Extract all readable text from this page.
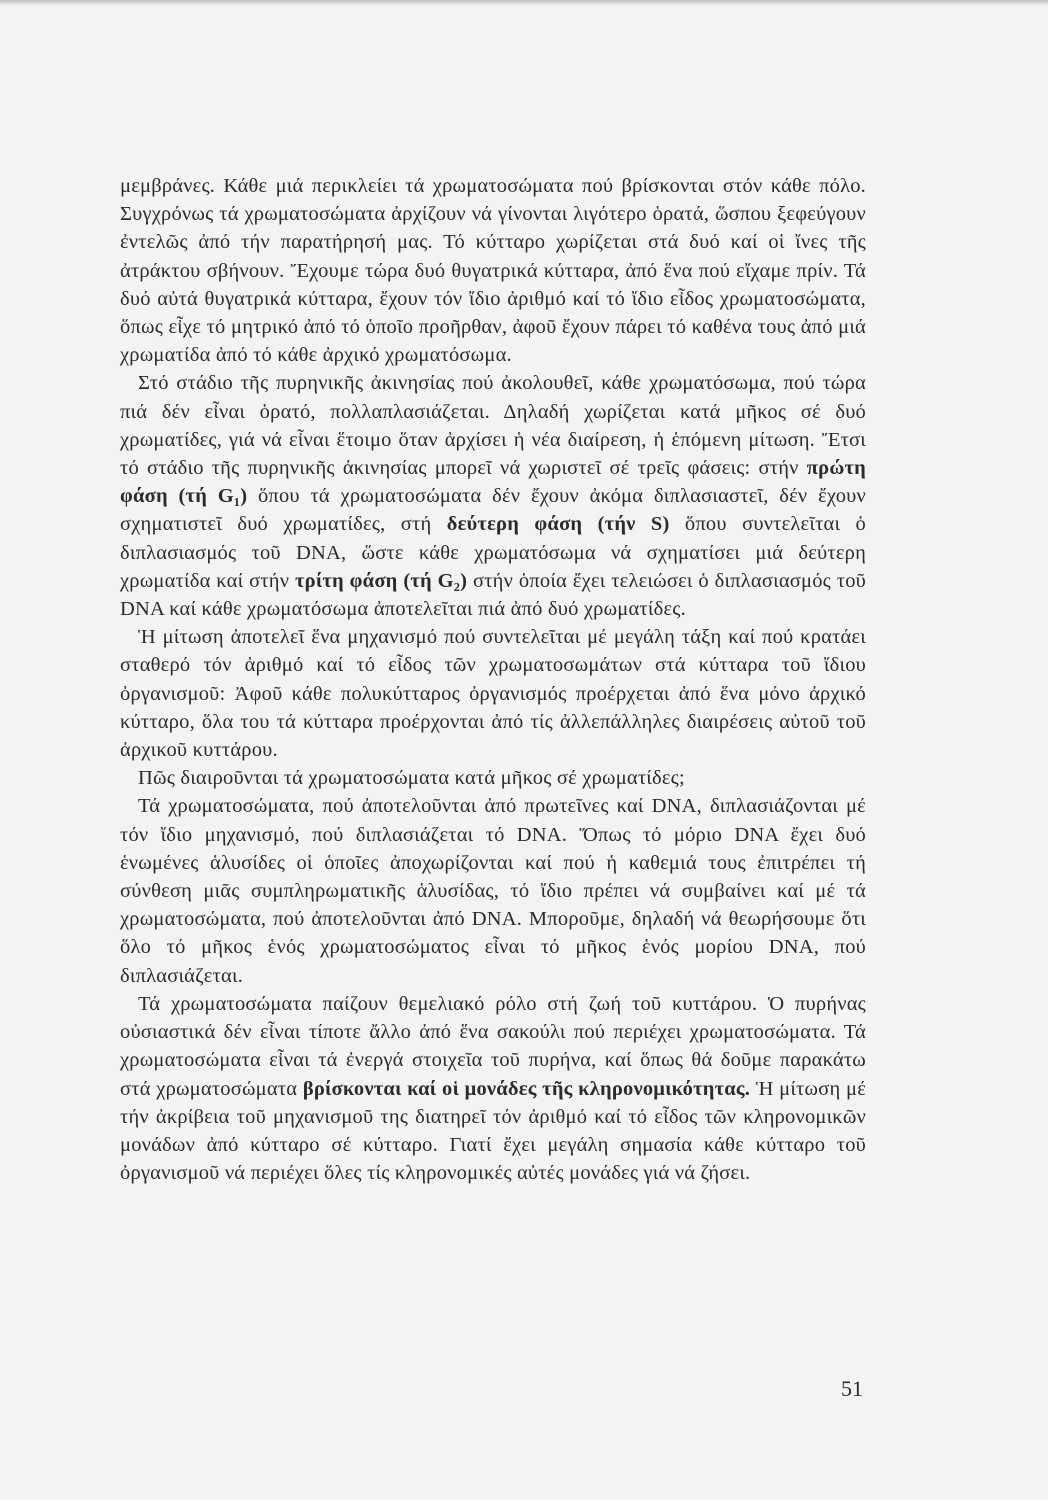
μεμβράνες. Κάθε μιά περικλείει τά χρωματοσώματα πού βρίσκονται στόν κάθε πόλο. Συγχρόνως τά χρωματοσώματα ἀρχίζουν νά γίνονται λιγότερο ὁρατά, ὥσπου ξεφεύγουν ἐντελῶς ἀπό τήν παρατήρησή μας. Τό κύτταρο χωρίζεται στά δυό καί οἱ ἴνες τῆς ἀτράκτου σβήνουν. Ἔχουμε τώρα δυό θυγατρικά κύτταρα, ἀπό ἕνα πού εἴχαμε πρίν. Τά δυό αὐτά θυγατρικά κύτταρα, ἔχουν τόν ἴδιο ἀριθμό καί τό ἴδιο εἶδος χρωματοσώματα, ὅπως εἶχε τό μητρικό ἀπό τό ὁποῖο προῆρθαν, ἀφοῦ ἔχουν πάρει τό καθένα τους ἀπό μιά χρωματίδα ἀπό τό κάθε ἀρχικό χρωματόσωμα.

Στό στάδιο τῆς πυρηνικῆς ἀκινησίας πού ἀκολουθεῖ, κάθε χρωματόσωμα, πού τώρα πιά δέν εἶναι ὁρατό, πολλαπλασιάζεται. Δηλαδή χωρίζεται κατά μῆκος σέ δυό χρωματίδες, γιά νά εἶναι ἕτοιμο ὅταν ἀρχίσει ἡ νέα διαίρεση, ἡ ἑπόμενη μίτωση. Ἔτσι τό στάδιο τῆς πυρηνικῆς ἀκινησίας μπορεῖ νά χωριστεῖ σέ τρεῖς φάσεις: στήν πρώτη φάση (τή G₁) ὅπου τά χρωματοσώματα δέν ἔχουν ἀκόμα διπλασιαστεῖ, δέν ἔχουν σχηματιστεῖ δυό χρωματίδες, στή δεύτερη φάση (τήν S) ὅπου συντελεῖται ὁ διπλασιασμός τοῦ DNA, ὥστε κάθε χρωματόσωμα νά σχηματίσει μιά δεύτερη χρωματίδα καί στήν τρίτη φάση (τή G₂) στήν ὁποία ἔχει τελειώσει ὁ διπλασιασμός τοῦ DNA καί κάθε χρωματόσωμα ἀποτελεῖται πιά ἀπό δυό χρωματίδες.

Ἡ μίτωση ἀποτελεῖ ἕνα μηχανισμό πού συντελεῖται μέ μεγάλη τάξη καί πού κρατάει σταθερό τόν ἀριθμό καί τό εἶδος τῶν χρωματοσωμάτων στά κύτταρα τοῦ ἴδιου ὀργανισμοῦ: Ἀφοῦ κάθε πολυκύτταρος ὀργανισμός προέρχεται ἀπό ἕνα μόνο ἀρχικό κύτταρο, ὅλα του τά κύτταρα προέρχονται ἀπό τίς ἀλλεπάλληλες διαιρέσεις αὐτοῦ τοῦ ἀρχικοῦ κυττάρου.

Πῶς διαιροῦνται τά χρωματοσώματα κατά μῆκος σέ χρωματίδες;

Τά χρωματοσώματα, πού ἀποτελοῦνται ἀπό πρωτεῖνες καί DNA, διπλασιάζονται μέ τόν ἴδιο μηχανισμό, πού διπλασιάζεται τό DNA. Ὅπως τό μόριο DNA ἔχει δυό ἑνωμένες ἁλυσίδες οἱ ὁποῖες ἀποχωρίζονται καί πού ἡ καθεμιά τους ἐπιτρέπει τή σύνθεση μιᾶς συμπληρωματικῆς ἁλυσίδας, τό ἴδιο πρέπει νά συμβαίνει καί μέ τά χρωματοσώματα, πού ἀποτελοῦνται ἀπό DNA. Μποροῦμε, δηλαδή νά θεωρήσουμε ὅτι ὅλο τό μῆκος ἑνός χρωματοσώματος εἶναι τό μῆκος ἑνός μορίου DNA, πού διπλασιάζεται.

Τά χρωματοσώματα παίζουν θεμελιακό ρόλο στή ζωή τοῦ κυττάρου. Ὁ πυρήνας οὐσιαστικά δέν εἶναι τίποτε ἄλλο ἀπό ἕνα σακούλι πού περιέχει χρωματοσώματα. Τά χρωματοσώματα εἶναι τά ἐνεργά στοιχεῖα τοῦ πυρήνα, καί ὅπως θά δοῦμε παρακάτω στά χρωματοσώματα βρίσκονται καί οἱ μονάδες τῆς κληρονομικότητας. Ἡ μίτωση μέ τήν ἀκρίβεια τοῦ μηχανισμοῦ της διατηρεῖ τόν ἀριθμό καί τό εἶδος τῶν κληρονομικῶν μονάδων ἀπό κύτταρο σέ κύτταρο. Γιατί ἔχει μεγάλη σημασία κάθε κύτταρο τοῦ ὀργανισμοῦ νά περιέχει ὅλες τίς κληρονομικές αὐτές μονάδες γιά νά ζήσει.

51
